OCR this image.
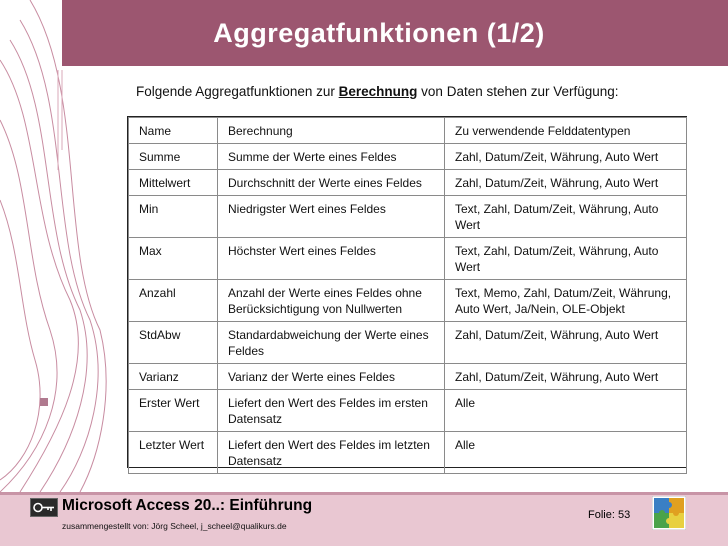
Aggregatfunktionen (1/2)
Folgende Aggregatfunktionen zur Berechnung von Daten stehen zur Verfügung:
Name	Berechnung	Zu verwendende Felddatentypen
Summe	Summe der Werte eines Feldes	Zahl, Datum/Zeit, Währung, Auto Wert
Mittelwert	Durchschnitt der Werte eines Feldes	Zahl, Datum/Zeit, Währung, Auto Wert
Min	Niedrigster Wert eines Feldes	Text, Zahl, Datum/Zeit, Währung, Auto Wert
Max	Höchster Wert eines Feldes	Text, Zahl, Datum/Zeit, Währung, Auto Wert
Anzahl	Anzahl der Werte eines Feldes ohne Berücksichtigung von Nullwerten	Text, Memo, Zahl, Datum/Zeit, Währung, Auto Wert, Ja/Nein, OLE-Objekt
StdAbw	Standardabweichung der Werte eines Feldes	Zahl, Datum/Zeit, Währung, Auto Wert
Varianz	Varianz der Werte eines Feldes	Zahl, Datum/Zeit, Währung, Auto Wert
Erster Wert	Liefert den Wert des Feldes im ersten Datensatz	Alle
Letzter Wert	Liefert den Wert des Feldes im letzten Datensatz	Alle
Microsoft Access 20..: Einführung
zusammengestellt von: Jörg Scheel, j_scheel@qualikurs.de
Folie: 53
